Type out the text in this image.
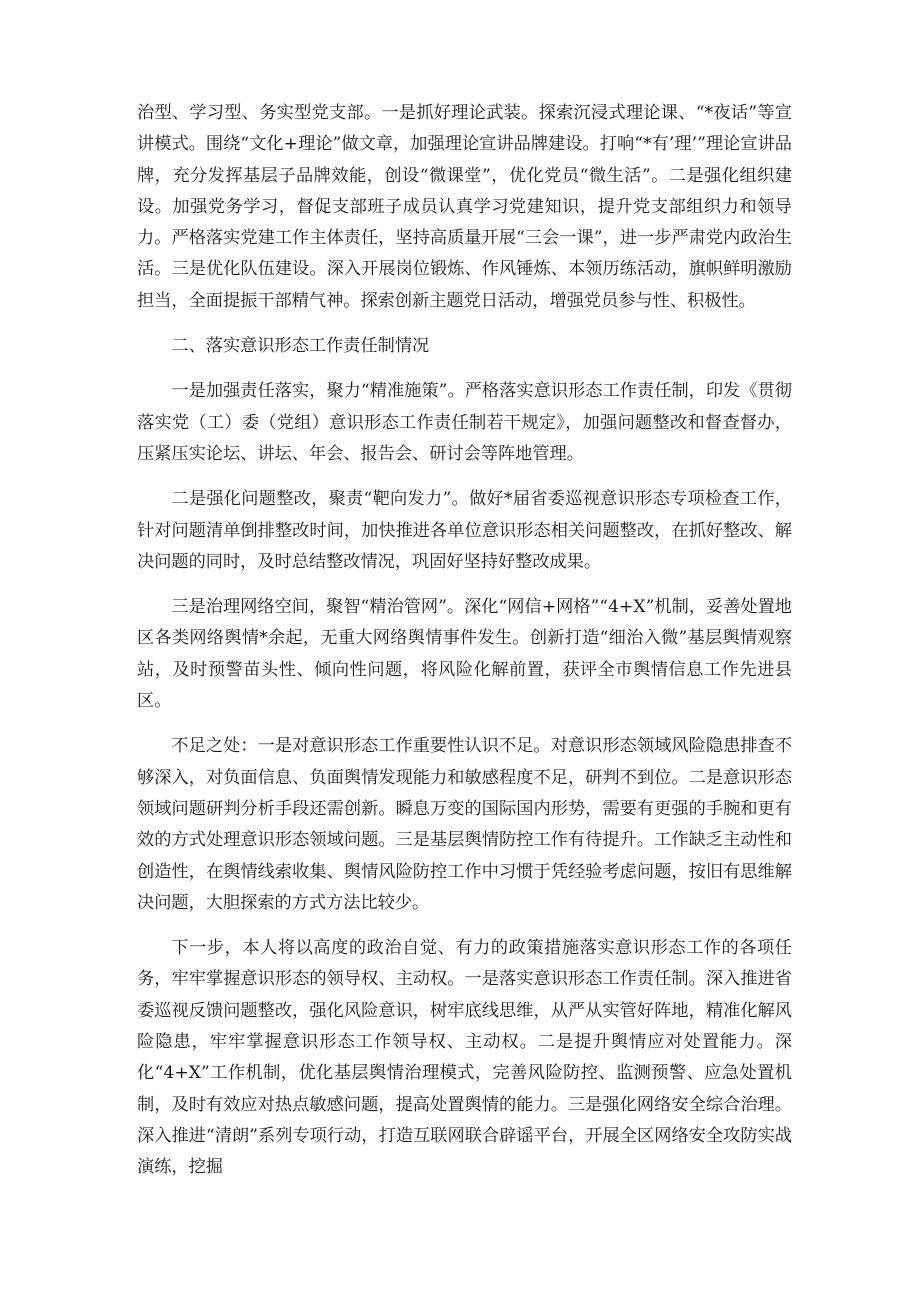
治型、学习型、务实型党支部。一是抓好理论武装。探索沉浸式理论课、“*夜话”等宣讲模式。围绕“文化+理论”做文章，加强理论宣讲品牌建设。打响“*有’理’”理论宣讲品牌，充分发挥基层子品牌效能，创设“微课堂”，优化党员“微生活”。二是强化组织建设。加强党务学习，督促支部班子成员认真学习党建知识，提升党支部组织力和领导力。严格落实党建工作主体责任，坚持高质量开展“三会一课”，进一步严肃党内政治生活。三是优化队伍建设。深入开展岗位锻炼、作风锤炼、本领历练活动，旗帜鲜明激励担当，全面提振干部精气神。探索创新主题党日活动，增强党员参与性、积极性。

二、落实意识形态工作责任制情况

一是加强责任落实，聚力“精准施策”。严格落实意识形态工作责任制，印发《贯彻落实党（工）委（党组）意识形态工作责任制若干规定》，加强问题整改和督查督办，压紧压实论坛、讲坛、年会、报告会、研讨会等阵地管理。

二是强化问题整改，聚责“靶向发力”。做好*届省委巡视意识形态专项检查工作，针对问题清单倒排整改时间，加快推进各单位意识形态相关问题整改，在抓好整改、解决问题的同时，及时总结整改情况，巩固好坚持好整改成果。

三是治理网络空间，聚智“精治管网”。深化“网信+网格”“4+X”机制，妥善处置地区各类网络舆情*余起，无重大网络舆情事件发生。创新打造“细治入微”基层舆情观察站，及时预警苗头性、倾向性问题，将风险化解前置，获评全市舆情信息工作先进县区。

不足之处：一是对意识形态工作重要性认识不足。对意识形态领域风险隐患排查不够深入，对负面信息、负面舆情发现能力和敏感程度不足，研判不到位。二是意识形态领域问题研判分析手段还需创新。瞬息万变的国际国内形势，需要有更强的手腕和更有效的方式处理意识形态领域问题。三是基层舆情防控工作有待提升。工作缺乏主动性和创造性，在舆情线索收集、舆情风险防控工作中习惯于凭经验考虑问题，按旧有思维解决问题，大胆探索的方式方法比较少。

下一步，本人将以高度的政治自觉、有力的政策措施落实意识形态工作的各项任务，牢牢掌握意识形态的领导权、主动权。一是落实意识形态工作责任制。深入推进省委巡视反馈问题整改，强化风险意识，树牢底线思维，从严从实管好阵地，精准化解风险隐患，牢牢掌握意识形态工作领导权、主动权。二是提升舆情应对处置能力。深化“4+X”工作机制，优化基层舆情治理模式，完善风险防控、监测预警、应急处置机制，及时有效应对热点敏感问题，提高处置舆情的能力。三是强化网络安全综合治理。深入推进“清朗”系列专项行动，打造互联网联合辟谣平台，开展全区网络安全攻防实战演练，挖掘
